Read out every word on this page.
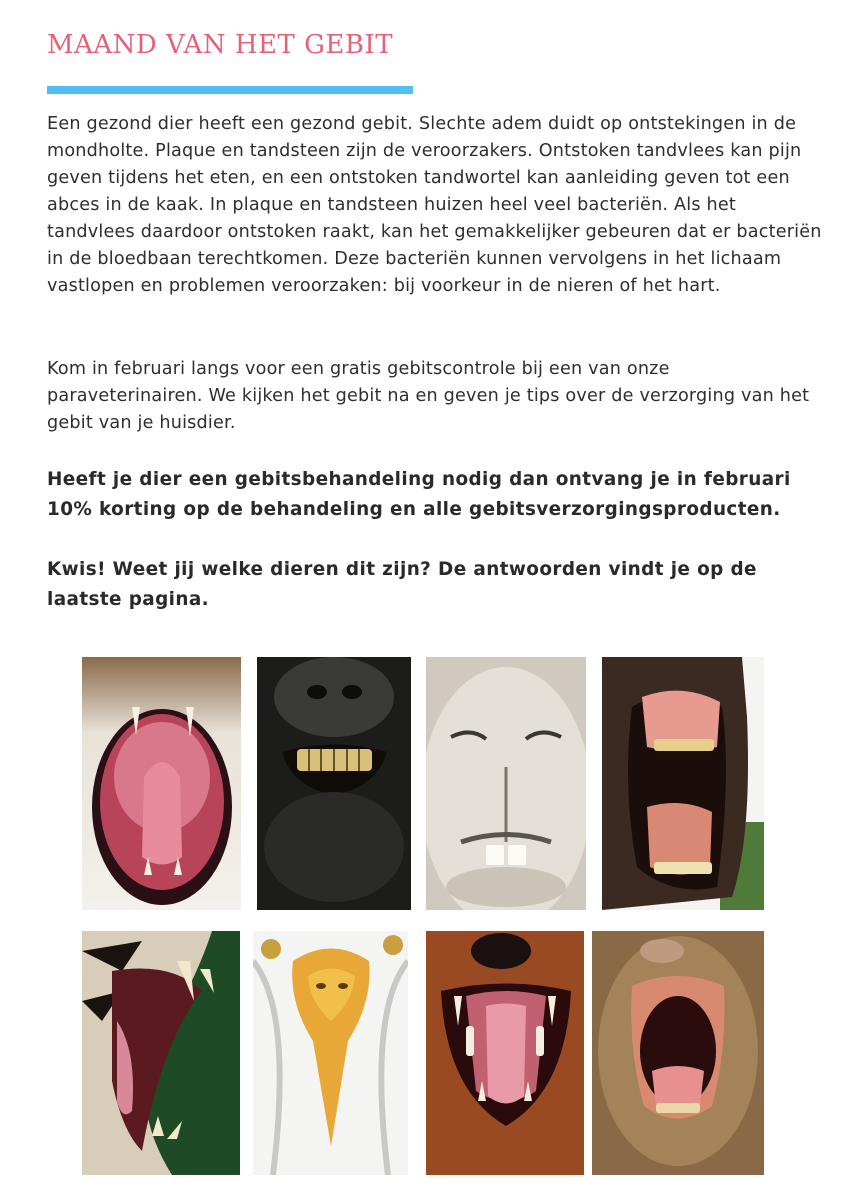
MAAND VAN HET GEBIT

Een gezond dier heeft een gezond gebit. Slechte adem duidt op ontstekingen in de mondholte. Plaque en tandsteen zijn de veroorzakers. Ontstoken tandvlees kan pijn geven tijdens het eten, en een ontstoken tandwortel kan aanleiding geven tot een abces in de kaak. In plaque en tandsteen huizen heel veel bacteriën. Als het tandvlees daardoor ontstoken raakt, kan het gemakkelijker gebeuren dat er bacteriën in de bloedbaan terechtkomen. Deze bacteriën kunnen vervolgens in het lichaam vastlopen en problemen veroorzaken: bij voorkeur in de nieren of het hart.

Kom in februari langs voor een gratis gebitscontrole bij een van onze paraveterinairen. We kijken het gebit na en geven je tips over de verzorging van het gebit van je huisdier.

Heeft je dier een gebitsbehandeling nodig dan ontvang je in februari 10% korting op de behandeling en alle gebitsverzorgingsproducten.

Kwis! Weet jij welke dieren dit zijn? De antwoorden vindt je op de laatste pagina.
